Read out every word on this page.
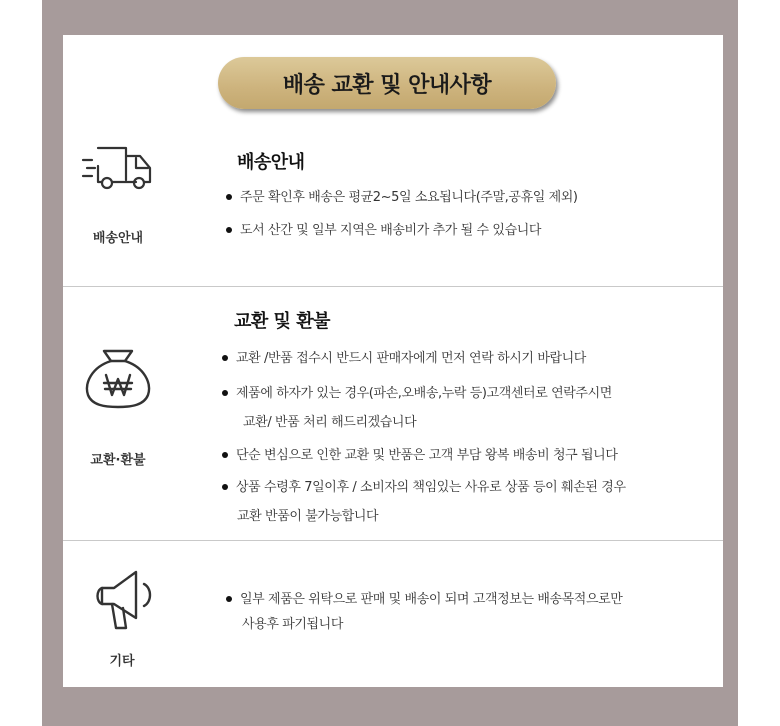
배송 교환 및 안내사항
배송안내
배송안내
주문 확인후 배송은 평균2~5일 소요됩니다(주말,공휴일 제외)
도서 산간 및 일부 지역은 배송비가 추가 될 수 있습니다
교환·환불
교환 및 환불
교환 /반품 접수시 반드시 판매자에게 먼저 연락 하시기 바랍니다
제품에 하자가 있는 경우(파손,오배송,누락 등)고객센터로 연락주시면
교환/ 반품 처리 해드리겠습니다
단순 변심으로 인한 교환 및 반품은 고객 부담 왕복 배송비 청구 됩니다
상품 수령후 7일이후 / 소비자의 책임있는 사유로 상품 등이 훼손된 경우
교환 반품이 불가능합니다
기타
일부 제품은 위탁으로 판매 및 배송이 되며 고객정보는 배송목적으로만
사용후 파기됩니다
